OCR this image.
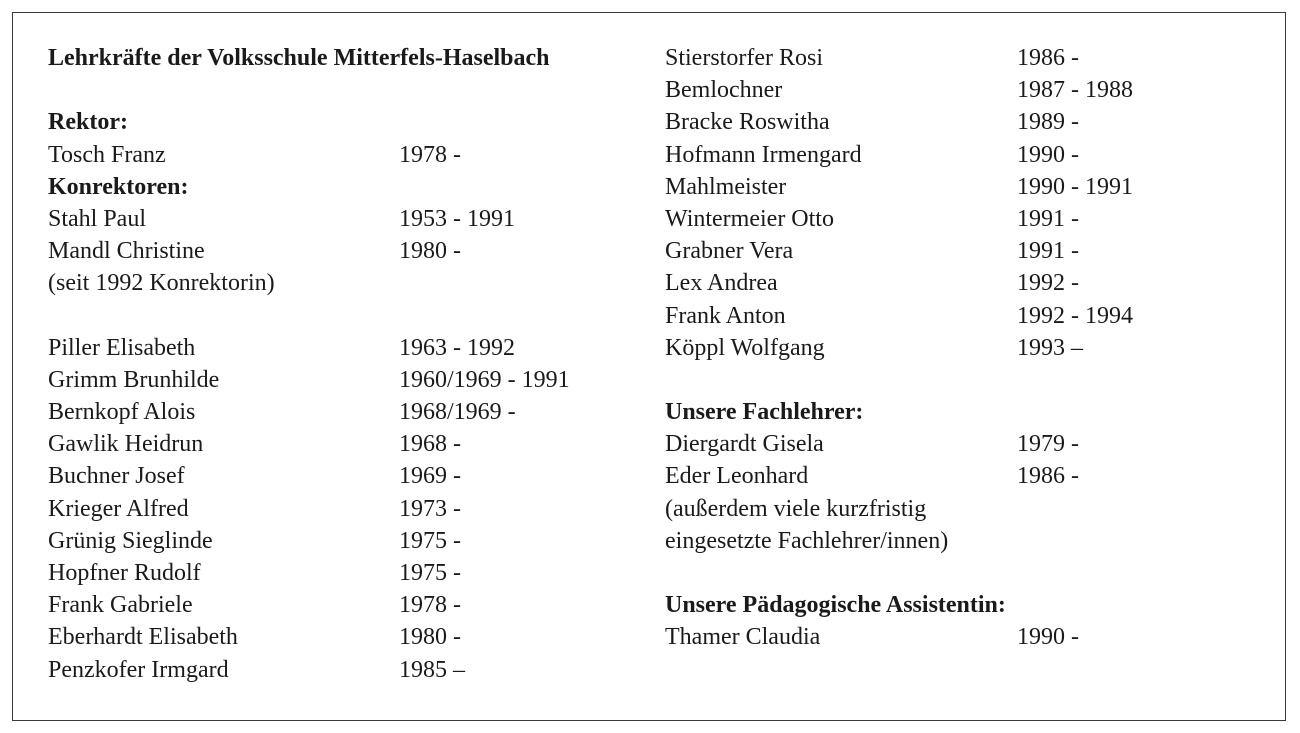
Lehrkräfte der Volksschule Mitterfels-Haselbach
Rektor:
Tosch Franz	1978 -
Konrektoren:
Stahl Paul	1953 - 1991
Mandl Christine	1980 -
(seit 1992 Konrektorin)
Piller Elisabeth	1963 - 1992
Grimm Brunhilde	1960/1969 - 1991
Bernkopf Alois	1968/1969 -
Gawlik Heidrun	1968 -
Buchner Josef	1969 -
Krieger Alfred	1973 -
Grünig Sieglinde	1975 -
Hopfner Rudolf	1975 -
Frank Gabriele	1978 -
Eberhardt Elisabeth	1980 -
Penzkofer Irmgard	1985 –
Stierstorfer Rosi	1986 -
Bemlochner	1987 - 1988
Bracke Roswitha	1989 -
Hofmann Irmengard	1990 -
Mahlmeister	1990 - 1991
Wintermeier Otto	1991 -
Grabner Vera	1991 -
Lex Andrea	1992 -
Frank Anton	1992 - 1994
Köppl Wolfgang	1993 –
Unsere Fachlehrer:
Diergardt Gisela	1979 -
Eder Leonhard	1986 -
(außerdem viele kurzfristig
eingesetzte Fachlehrer/innen)
Unsere Pädagogische Assistentin:
Thamer Claudia	1990 -
